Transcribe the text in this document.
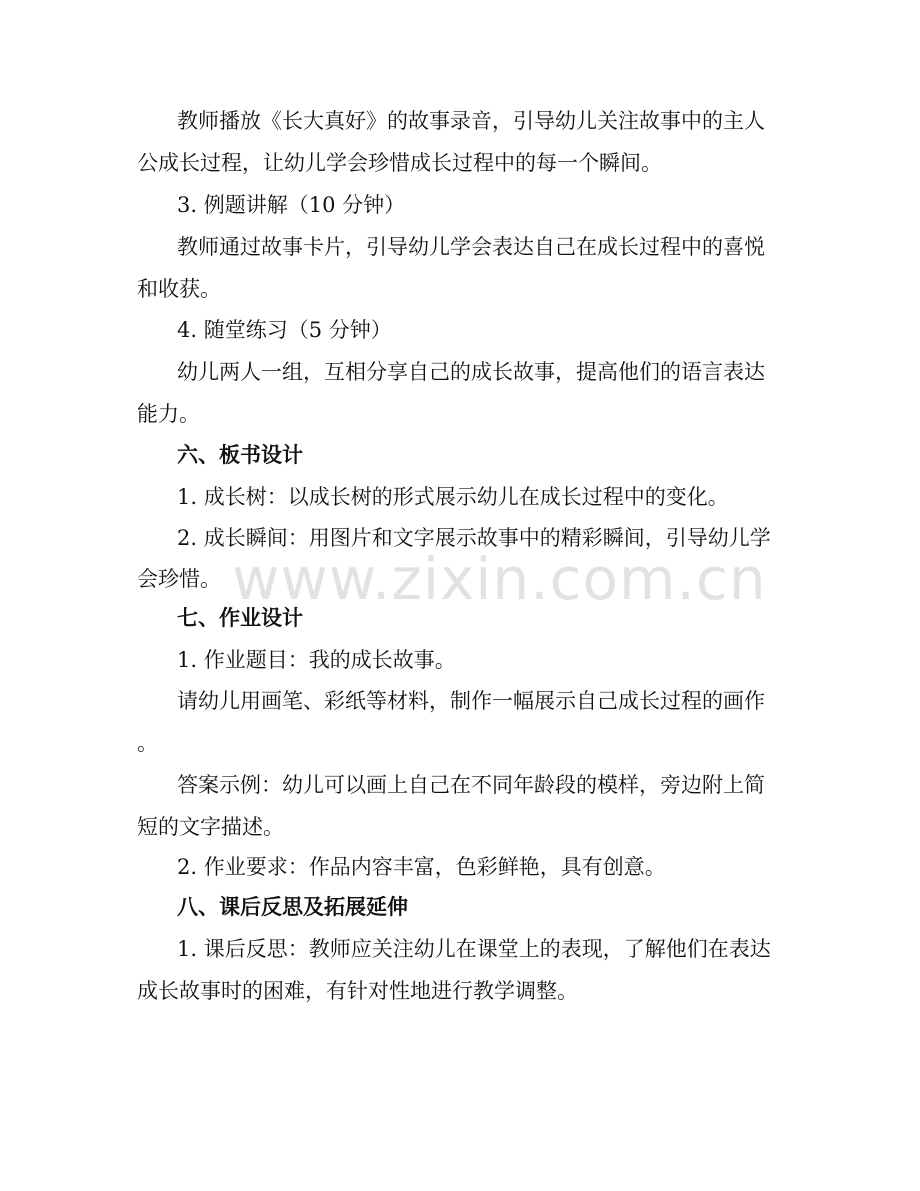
教师播放《长大真好》的故事录音，引导幼儿关注故事中的主人
公成长过程，让幼儿学会珍惜成长过程中的每一个瞬间。
3. 例题讲解（10 分钟）
教师通过故事卡片，引导幼儿学会表达自己在成长过程中的喜悦
和收获。
4. 随堂练习（5 分钟）
幼儿两人一组，互相分享自己的成长故事，提高他们的语言表达
能力。
六、板书设计
1. 成长树：以成长树的形式展示幼儿在成长过程中的变化。
2. 成长瞬间：用图片和文字展示故事中的精彩瞬间，引导幼儿学
会珍惜。
七、作业设计
1. 作业题目：我的成长故事。
请幼儿用画笔、彩纸等材料，制作一幅展示自己成长过程的画作
。
答案示例：幼儿可以画上自己在不同年龄段的模样，旁边附上简
短的文字描述。
2. 作业要求：作品内容丰富，色彩鲜艳，具有创意。
八、课后反思及拓展延伸
1. 课后反思：教师应关注幼儿在课堂上的表现，了解他们在表达
成长故事时的困难，有针对性地进行教学调整。
www.zixin.com.cn
